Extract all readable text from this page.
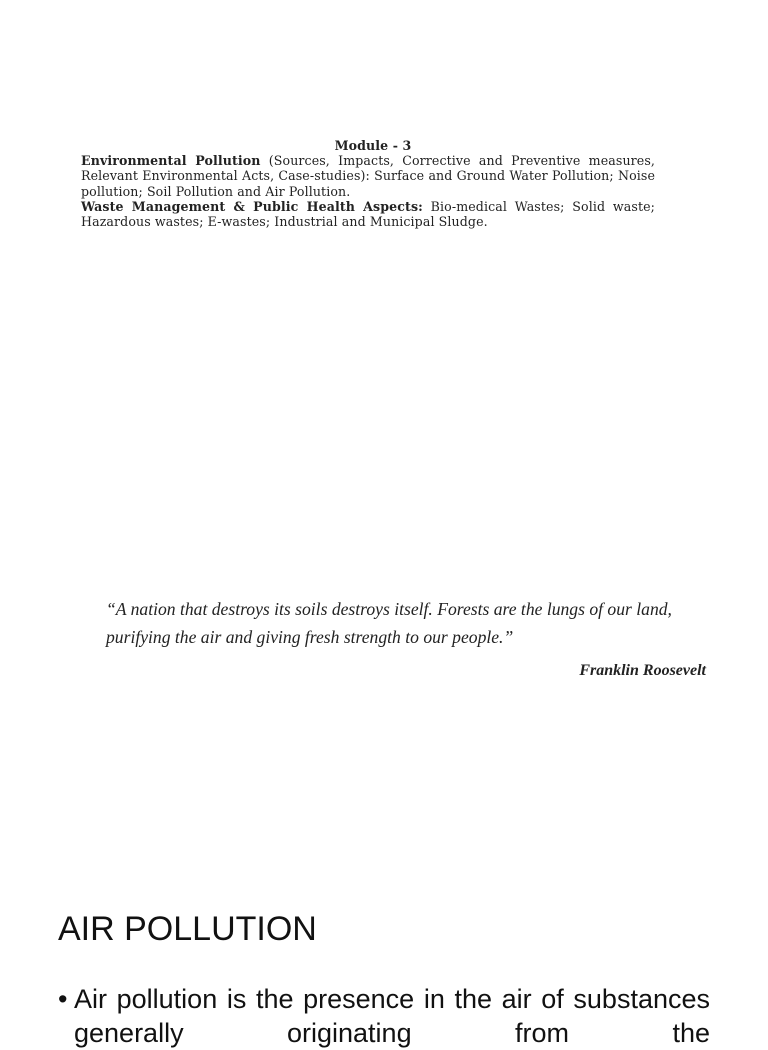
Module - 3

Environmental Pollution (Sources, Impacts, Corrective and Preventive measures, Relevant Environmental Acts, Case-studies): Surface and Ground Water Pollution; Noise pollution; Soil Pollution and Air Pollution.

Waste Management & Public Health Aspects: Bio-medical Wastes; Solid waste; Hazardous wastes; E-wastes; Industrial and Municipal Sludge.

“A nation that destroys its soils destroys itself. Forests are the lungs of our land, purifying the air and giving fresh strength to our people.”

Franklin Roosevelt

AIR POLLUTION
• Air pollution is the presence in the air of substances generally originating from the
